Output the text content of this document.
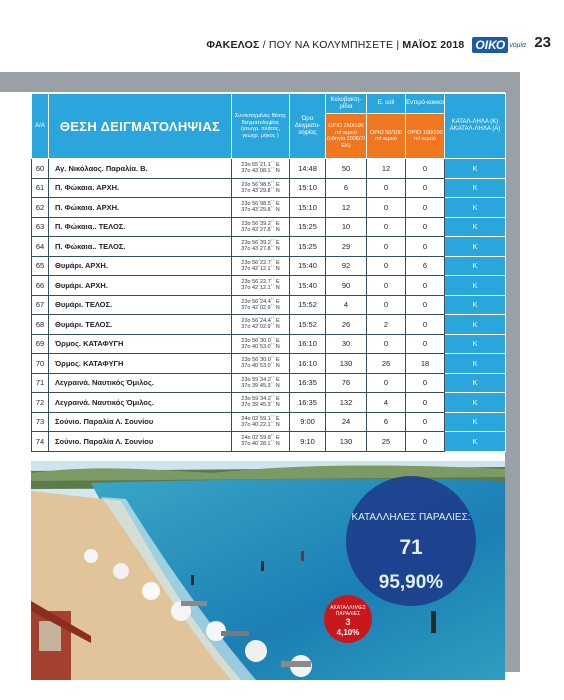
ΦΑΚΕΛΟΣ / ΠΟΥ ΝΑ ΚΟΛΥΜΠΗΣΕΤΕ | ΜΑΪΟΣ 2018 ΟΙΚΟ νομία 23
Α/Α	ΘΕΣΗ ΔΕΙΓΜΑΤΟΛΗΨΙΑΣ	Συντεταγμένες θέσης δειγματοληψίας (γεωγρ. πλάτος, γεωγρ. μήκος )	Ώρα Δειγματο-ληψίας	Κολοβακτη-ρίδια	E. coli	Εντερό-κοκκοι	ΚΑΤΑΛ-ΛΗΛΑ (Κ) ΑΚΑΤΑΛ-ΛΗΛΑ (Α)
				ΟΡΙΟ 250/100 ml νερού (οδηγία 2006/7/ ΕΚ)	ΟΡΙΟ 50/100 ml νερού	ΟΡΙΟ 100/100 ml νερού	
60	Αγ. Νικόλαος. Παραλία. Β.	23ο 55΄21.1΄΄ Ε
37ο 43΄08.1΄΄ Ν	14:48	50	12	0	Κ
61	Π. Φώκαια. ΑΡΧΗ.	23ο 56΄98.5΄΄ Ε
37ο 43΄29.8΄΄ Ν	15:10	6	0	0	Κ
62	Π. Φώκαια. ΑΡΧΗ.	23ο 56΄98.5΄΄ Ε
37ο 43΄29.8΄΄ Ν	15:10	12	0	0	Κ
63	Π. Φώκαια.. ΤΕΛΟΣ.	23ο 56΄39.2΄΄ Ε
37ο 43΄27.8΄΄ Ν	15:25	10	0	0	Κ
64	Π. Φώκαια.. ΤΕΛΟΣ.	23ο 56΄39.2΄΄ Ε
37ο 43΄27.8΄΄ Ν	15:25	29	0	0	Κ
65	Θυμάρι. ΑΡΧΗ.	23ο 56΄22.7΄΄ Ε
37ο 42΄12.1΄΄ Ν	15:40	92	0	6	Κ
66	Θυμάρι. ΑΡΧΗ.	23ο 56΄22.7΄΄ Ε
37ο 42΄12.1΄΄ Ν	15:40	90	0	0	Κ
67	Θυμάρι. ΤΕΛΟΣ.	23ο 56΄24.4΄΄ Ε
37ο 42΄02.9΄΄ Ν	15:52	4	0	0	Κ
68	Θυμάρι. ΤΕΛΟΣ.	23ο 56΄24.4΄΄ Ε
37ο 42΄02.9΄΄ Ν	15:52	26	2	0	Κ
69	Όρμος. ΚΑΤΑΦΥΓΗ	23ο 56΄30.0΄΄ Ε
37ο 40΄53.0΄΄ Ν	16:10	30	0	0	Κ
70	Όρμος. ΚΑΤΑΦΥΓΗ	23ο 56΄30.0΄΄ Ε
37ο 40΄53.0΄΄ Ν	16:10	130	26	18	Κ
71	Λεγραινά. Ναυτικός Όμιλος.	23ο 59΄34.2΄΄ Ε
37ο 39΄45.3΄΄ Ν	16:35	76	0	0	Κ
72	Λεγραινά. Ναυτικός Όμιλος.	23ο 59΄34.2΄΄ Ε
37ο 39΄45.3΄΄ Ν	16:35	132	4	0	Κ
73	Σούνιο. Παραλία Λ. Σουνίου	24ο 02΄59.1΄΄ Ε
37ο 40΄22.1΄΄ Ν	9:00	24	6	0	Κ
74	Σούνιο. Παραλία Λ. Σουνίου	24ο 02΄59.8΄΄ Ε
37ο 40΄28.1΄΄ Ν	9:10	130	25	0	Κ
ΚΑΤΑΛΛΗΛΕΣ ΠΑΡΑΛΙΕΣ:
71
95,90%
ΑΚΑΤΑΛΛΗΛΕΣ ΠΑΡΑΛΙΕΣ
3
4,10%
